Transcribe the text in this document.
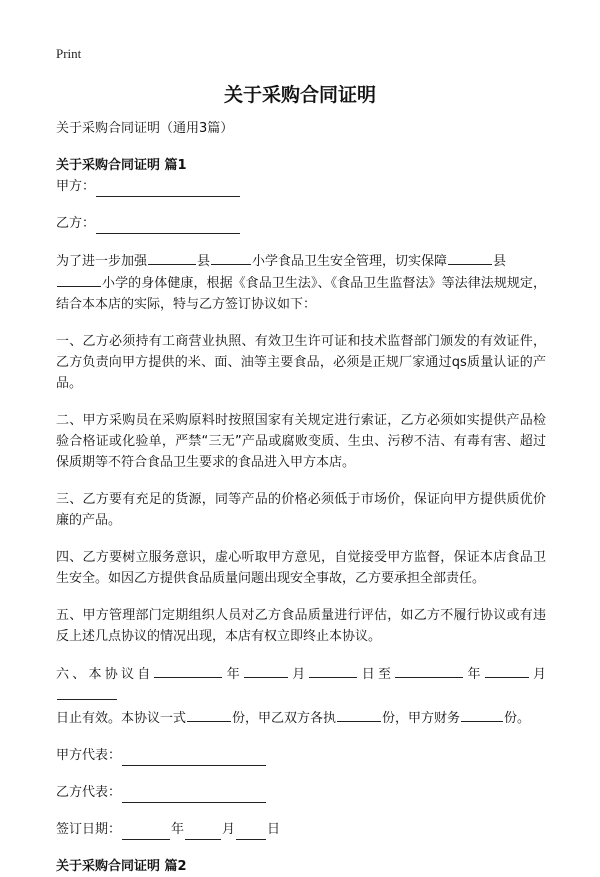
Print
关于采购合同证明

关于采购合同证明（通用3篇）

关于采购合同证明 篇1

甲方：
乙方：

为了进一步加强	县	小学食品卫生安全管理，切实保障	县
小学的身体健康，根据《食品卫生法》、《食品卫生监督法》等法律法规规定，结合本本店的实际，特与乙方签订协议如下：

一、乙方必须持有工商营业执照、有效卫生许可证和技术监督部门颁发的有效证件，乙方负责向甲方提供的米、面、油等主要食品，必须是正规厂家通过qs质量认证的产品。

二、甲方采购员在采购原料时按照国家有关规定进行索证，乙方必须如实提供产品检验合格证或化验单，严禁“三无”产品或腐败变质、生虫、污秽不洁、有毒有害、超过保质期等不符合食品卫生要求的食品进入甲方本店。

三、乙方要有充足的货源，同等产品的价格必须低于市场价，保证向甲方提供质优价廉的产品。

四、乙方要树立服务意识，虚心听取甲方意见，自觉接受甲方监督，保证本店食品卫生安全。如因乙方提供食品质量问题出现安全事故，乙方要承担全部责任。

五、甲方管理部门定期组织人员对乙方食品质量进行评估，如乙方不履行协议或有违反上述几点协议的情况出现，本店有权立即终止本协议。

六、本协议自	年	月	日至	年	月
日止有效。本协议一式	份，甲乙双方各执	份，甲方财务	份。

甲方代表：
乙方代表：
签订日期：	年	月 日

关于采购合同证明 篇2
